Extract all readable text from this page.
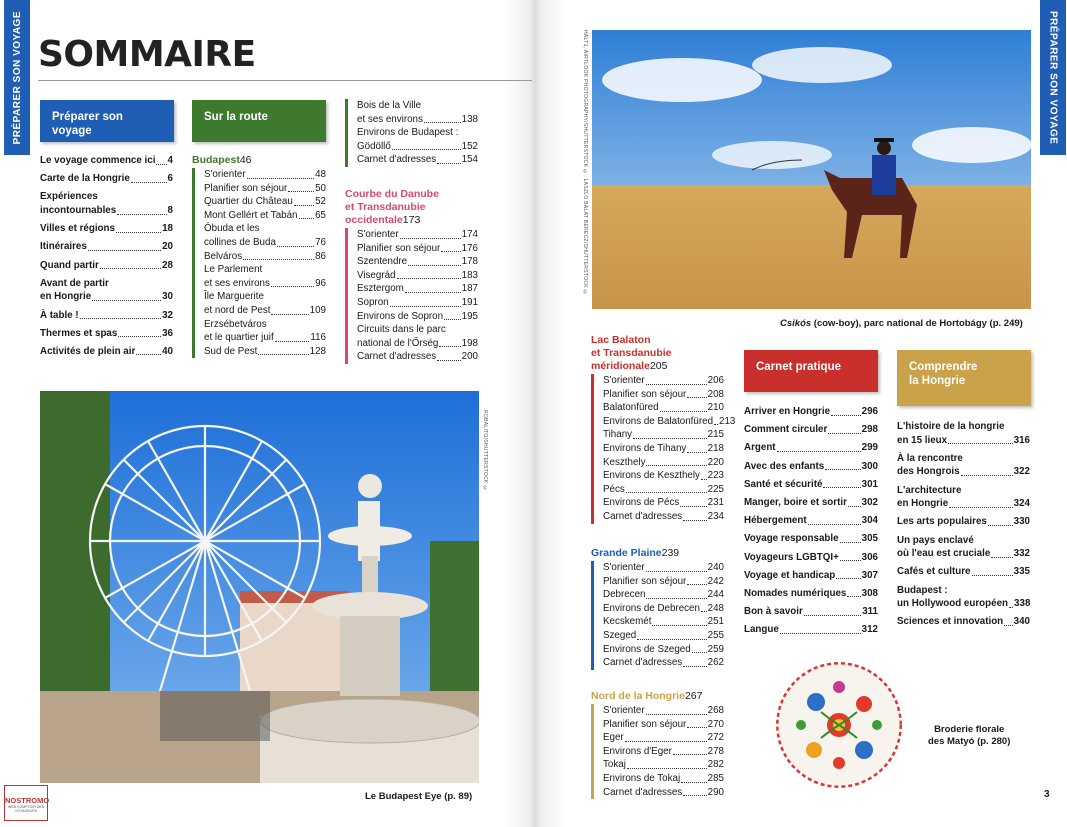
PRÉPARER SON VOYAGE	PRÉPARER SON VOYAGE
SOMMAIRE
Préparer son voyage
Sur la route
Le voyage commence ici 4
Carte de la Hongrie	6
Expériences
incontournables	8
Villes et régions	18
Itinéraires	20
Quand partir	28
Avant de partir
en Hongrie	30
À table !	32
Thermes et spas	36
Activités de plein air	40
Budapest 46
S'orienter	48
Planifier son séjour	50
Quartier du Château 52
Mont Gellért et Tabán 65
Óbuda et les
collines de Buda	76
Belváros	86
Le Parlement
et ses environs	96
Île Marguerite
et nord de Pest	109
Erzsébetváros
et le quartier juif	116
Sud de Pest	128
Bois de la Ville
et ses environs	138
Environs de Budapest :
Gödöllő	152
Carnet d'adresses	154
Courbe du Danube
et Transdanubie
occidentale 173
S'orienter	174
Planifier son séjour 176
Szentendre	178
Visegrád	183
Esztergom	187
Sopron	191
Environs de Sopron 195
Circuits dans le parc
national de l'Őrség 198
Carnet d'adresses	200
ROBALITO/SHUTTERSTOCK ©
Le Budapest Eye (p. 89)
NOSTROMO
WEB COMPTOIR DES VOYAGEURS
HALT1, AIRTLOOK PHOTOGRAPHY/SHUTTERSTOCK ©, LASZLO BALAT BERECZ/SHUTTERSTOCK ©
Csikós (cow-boy), parc national de Hortobágy (p. 249)
Lac Balaton
et Transdanubie
méridionale 205
S'orienter	206
Planifier son séjour 208
Balatonfüred	210
Environs de Balatonfüred 213
Tihany	215
Environs de Tihany 218
Keszthely	220
Environs de Keszthely 223
Pécs	225
Environs de Pécs	231
Carnet d'adresses	234
Grande Plaine 239
S'orienter	240
Planifier son séjour 242
Debrecen	244
Environs de Debrecen 248
Kecskemét	251
Szeged	255
Environs de Szeged 259
Carnet d'adresses	262
Nord de la Hongrie 267
S'orienter	268
Planifier son séjour 270
Eger	272
Environs d'Eger	278
Tokaj	282
Environs de Tokaj	285
Carnet d'adresses	290
Carnet pratique	Comprendre
la Hongrie
Arriver en Hongrie	296
Comment circuler	298
Argent	299
Avec des enfants	300
Santé et sécurité	301
Manger, boire et sortir 302
Hébergement	304
Voyage responsable 305
Voyageurs LGBTQI+ 306
Voyage et handicap	307
Nomades numériques 308
Bon à savoir	311
Langue	312
L'histoire de la hongrie
en 15 lieux	316
À la rencontre
des Hongrois	322
L'architecture
en Hongrie	324
Les arts populaires	330
Un pays enclavé
où l'eau est cruciale 332
Cafés et culture	335
Budapest :
un Hollywood européen 338
Sciences et innovation 340
Broderie florale
des Matyó (p. 280)
3
